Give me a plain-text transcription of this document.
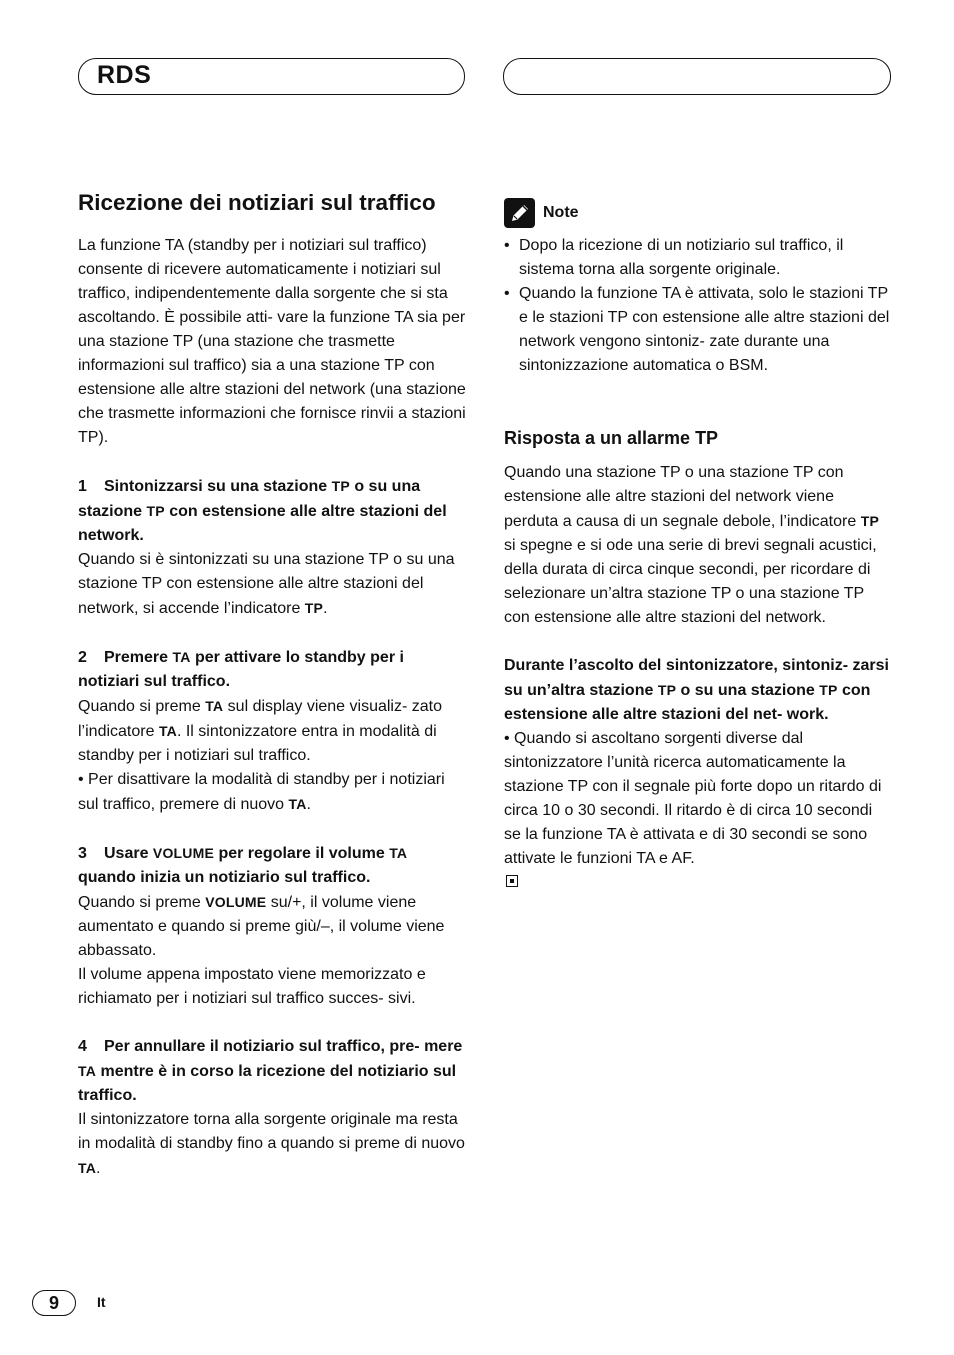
RDS
Ricezione dei notiziari sul traffico

La funzione TA (standby per i notiziari sul traffico) consente di ricevere automaticamente i notiziari sul traffico, indipendentemente dalla sorgente che si sta ascoltando. È possibile atti- vare la funzione TA sia per una stazione TP (una stazione che trasmette informazioni sul traffico) sia a una stazione TP con estensione alle altre stazioni del network (una stazione che trasmette informazioni che fornisce rinvii a stazioni TP).

1 Sintonizzarsi su una stazione TP o su una stazione TP con estensione alle altre stazioni del network.

Quando si è sintonizzati su una stazione TP o su una stazione TP con estensione alle altre stazioni del network, si accende l’indicatore TP.

2 Premere TA per attivare lo standby per i notiziari sul traffico.

Quando si preme TA sul display viene visualiz- zato l’indicatore TA. Il sintonizzatore entra in modalità di standby per i notiziari sul traffico.

• Per disattivare la modalità di standby per i notiziari sul traffico, premere di nuovo TA.

3 Usare VOLUME per regolare il volume TA quando inizia un notiziario sul traffico.

Quando si preme VOLUME su/+, il volume viene aumentato e quando si preme giù/–, il volume viene abbassato.

Il volume appena impostato viene memorizzato e richiamato per i notiziari sul traffico succes- sivi.

4 Per annullare il notiziario sul traffico, pre- mere TA mentre è in corso la ricezione del notiziario sul traffico.

Il sintonizzatore torna alla sorgente originale ma resta in modalità di standby fino a quando si preme di nuovo TA.

Note
• Dopo la ricezione di un notiziario sul traffico, il sistema torna alla sorgente originale.
• Quando la funzione TA è attivata, solo le stazioni TP e le stazioni TP con estensione alle altre stazioni del network vengono sintoniz- zate durante una sintonizzazione automatica o BSM.
Risposta a un allarme TP

Quando una stazione TP o una stazione TP con estensione alle altre stazioni del network viene perduta a causa di un segnale debole, l’indicatore TP si spegne e si ode una serie di brevi segnali acustici, della durata di circa cinque secondi, per ricordare di selezionare un’altra stazione TP o una stazione TP con estensione alle altre stazioni del network.

Durante l’ascolto del sintonizzatore, sintoniz- zarsi su un’altra stazione TP o su una stazione TP con estensione alle altre stazioni del net- work.

• Quando si ascoltano sorgenti diverse dal sintonizzatore l’unità ricerca automaticamente la stazione TP con il segnale più forte dopo un ritardo di circa 10 o 30 secondi. Il ritardo è di circa 10 secondi se la funzione TA è attivata e di 30 secondi se sono attivate le funzioni TA e AF.

9	It
